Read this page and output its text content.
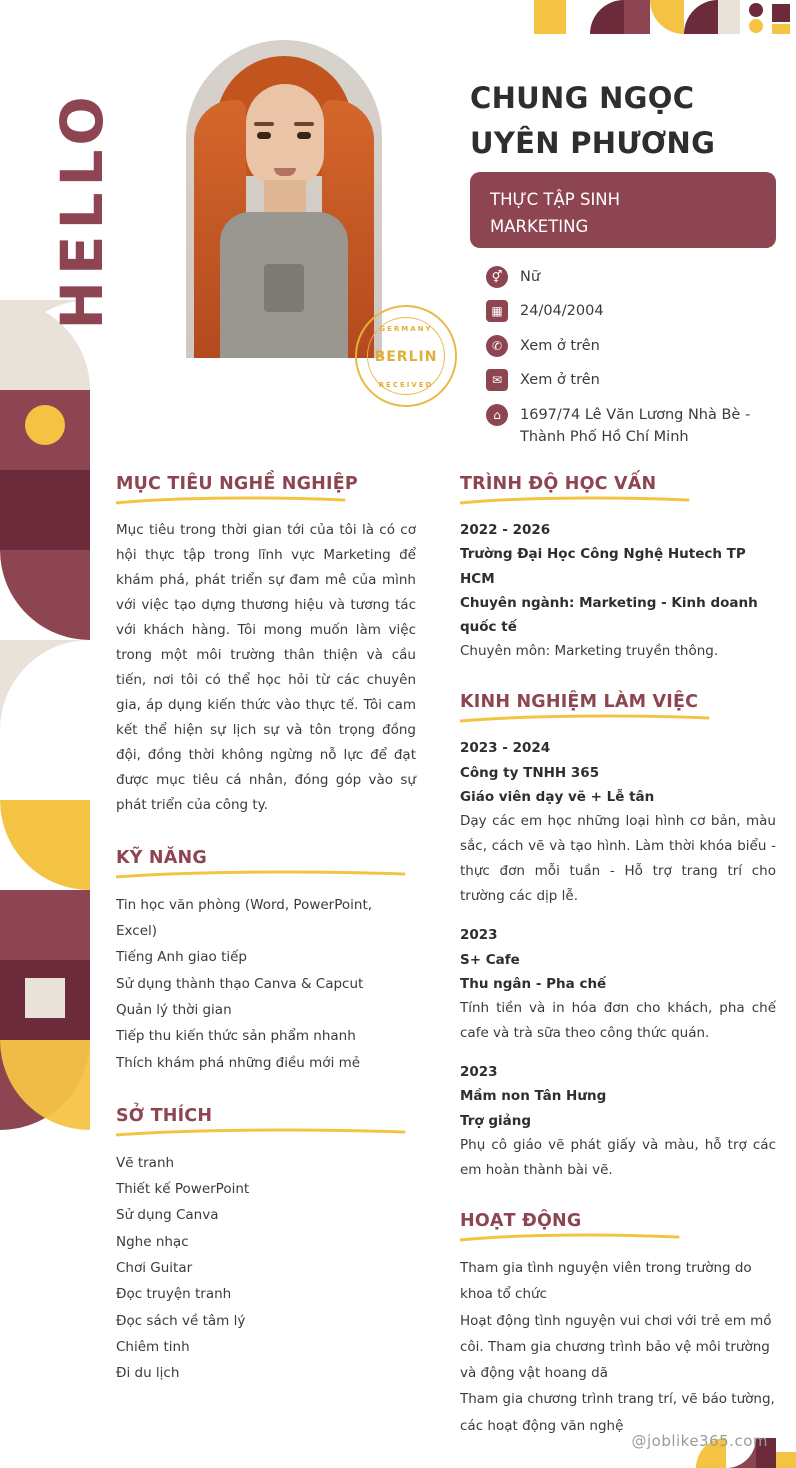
HELLO	GERMANY
BERLIN
RECEIVED
CHUNG NGỌC
UYÊN PHƯƠNG
THỰC TẬP SINH
MARKETING
⚥	Nữ
▦	24/04/2004
✆	Xem ở trên
✉	Xem ở trên
⌂	1697/74 Lê Văn Lương Nhà Bè - Thành Phố Hồ Chí Minh
MỤC TIÊU NGHỀ NGHIỆP

Mục tiêu trong thời gian tới của tôi là có cơ hội thực tập trong lĩnh vực Marketing để khám phá, phát triển sự đam mê của mình với việc tạo dựng thương hiệu và tương tác với khách hàng. Tôi mong muốn làm việc trong một môi trường thân thiện và cầu tiến, nơi tôi có thể học hỏi từ các chuyên gia, áp dụng kiến thức vào thực tế. Tôi cam kết thể hiện sự lịch sự và tôn trọng đồng đội, đồng thời không ngừng nỗ lực để đạt được mục tiêu cá nhân, đóng góp vào sự phát triển của công ty.

KỸ NĂNG
Tin học văn phòng (Word, PowerPoint, Excel)
Tiếng Anh giao tiếp
Sử dụng thành thạo Canva & Capcut
Quản lý thời gian
Tiếp thu kiến thức sản phẩm nhanh
Thích khám phá những điều mới mẻ
SỞ THÍCH
Vẽ tranh
Thiết kế PowerPoint
Sử dụng Canva
Nghe nhạc
Chơi Guitar
Đọc truyện tranh
Đọc sách về tâm lý
Chiêm tinh
Đi du lịch
TRÌNH ĐỘ HỌC VẤN
2022 - 2026
Trường Đại Học Công Nghệ Hutech TP HCM
Chuyên ngành: Marketing - Kinh doanh quốc tế
Chuyên môn: Marketing truyền thông.
KINH NGHIỆM LÀM VIỆC
2023 - 2024
Công ty TNHH 365
Giáo viên dạy vẽ + Lễ tân
Dạy các em học những loại hình cơ bản, màu sắc, cách vẽ và tạo hình. Làm thời khóa biểu - thực đơn mỗi tuần - Hỗ trợ trang trí cho trường các dịp lễ.
2023
S+ Cafe
Thu ngân - Pha chế
Tính tiền và in hóa đơn cho khách, pha chế cafe và trà sữa theo công thức quán.
2023
Mầm non Tân Hưng
Trợ giảng
Phụ cô giáo vẽ phát giấy và màu, hỗ trợ các em hoàn thành bài vẽ.
HOẠT ĐỘNG
Tham gia tình nguyện viên trong trường do khoa tổ chức
Hoạt động tình nguyện vui chơi với trẻ em mồ côi. Tham gia chương trình bảo vệ môi trường và động vật hoang dã
Tham gia chương trình trang trí, vẽ báo tường, các hoạt động văn nghệ
@joblike365.com
